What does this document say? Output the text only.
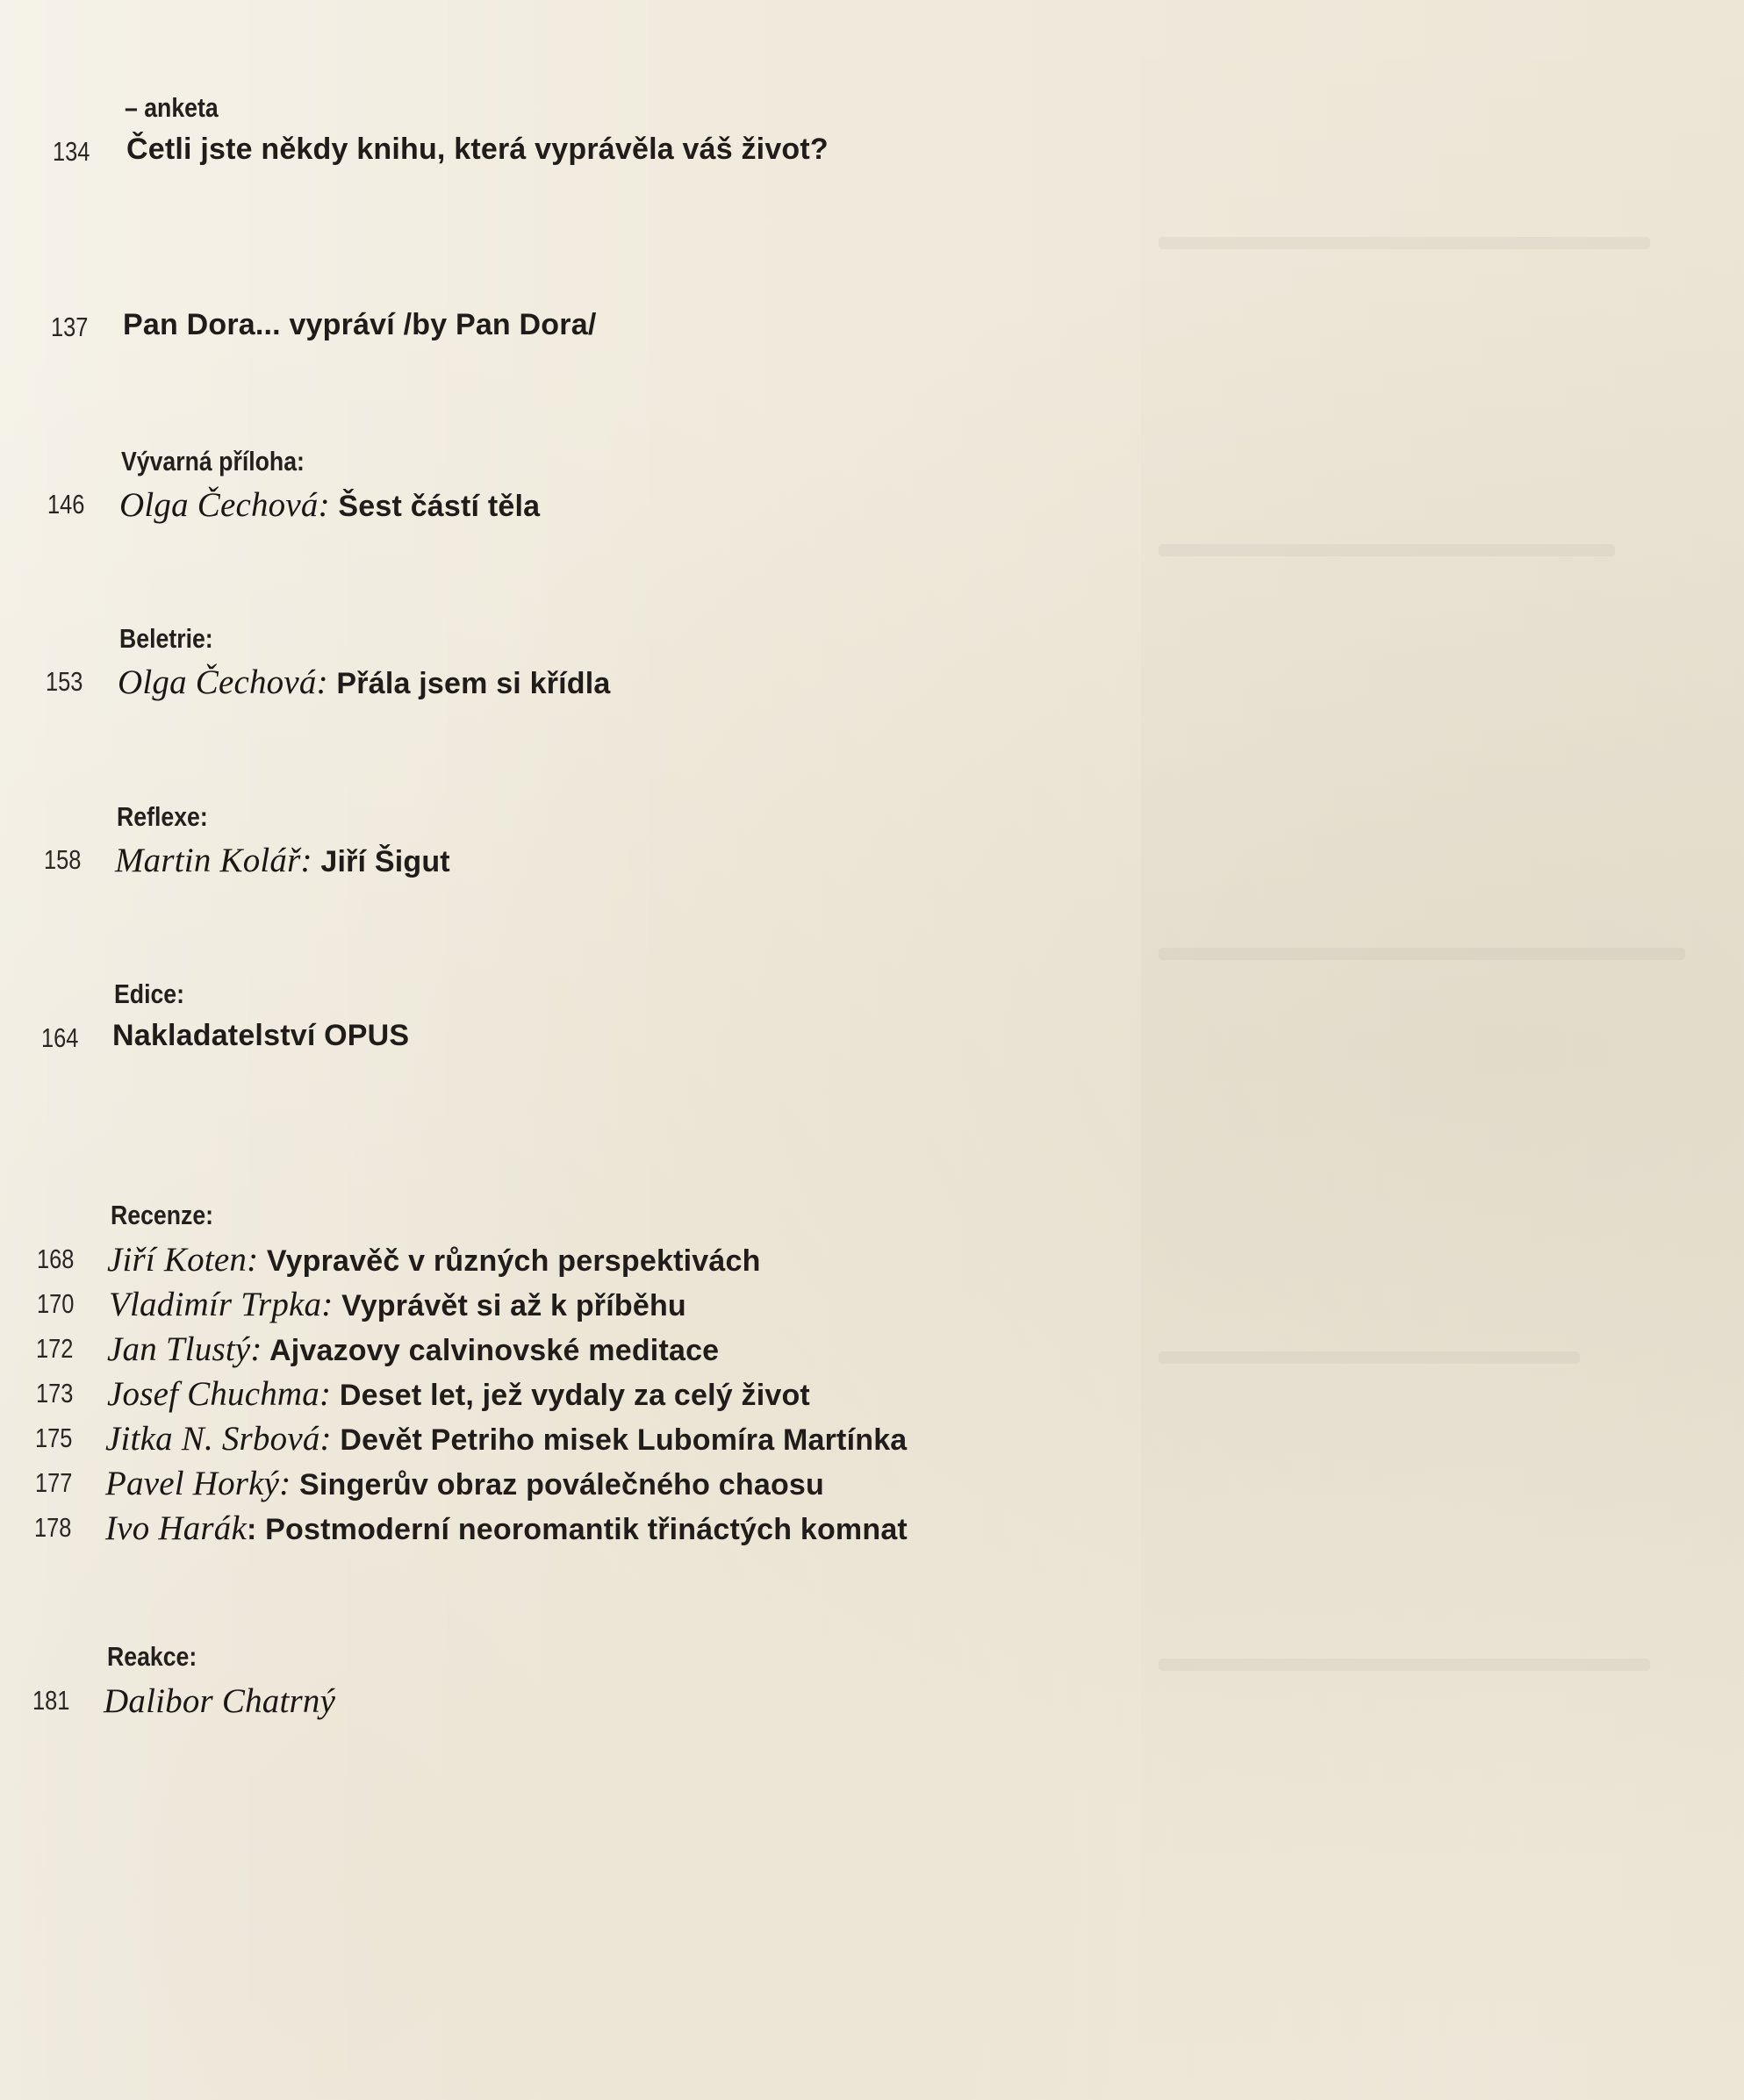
– anketa
134 Četli jste někdy knihu, která vyprávěla váš život?
137 Pan Dora... vypráví /by Pan Dora/
Vývarná příloha:
146 Olga Čechová: Šest částí těla
Beletrie:
153 Olga Čechová: Přála jsem si křídla
Reflexe:
158 Martin Kolář: Jiří Šigut
Edice:
164 Nakladatelství OPUS
Recenze:
168 Jiří Koten: Vypravěč v různých perspektivách
170 Vladimír Trpka: Vyprávět si až k příběhu
172 Jan Tlustý: Ajvazovy calvinovské meditace
173 Josef Chuchma: Deset let, jež vydaly za celý život
175 Jitka N. Srbová: Devět Petriho misek Lubomíra Martínka
177 Pavel Horký: Singerův obraz poválečného chaosu
178 Ivo Harák: Postmoderní neoromantik třináctých komnat
Reakce:
181 Dalibor Chatrný
